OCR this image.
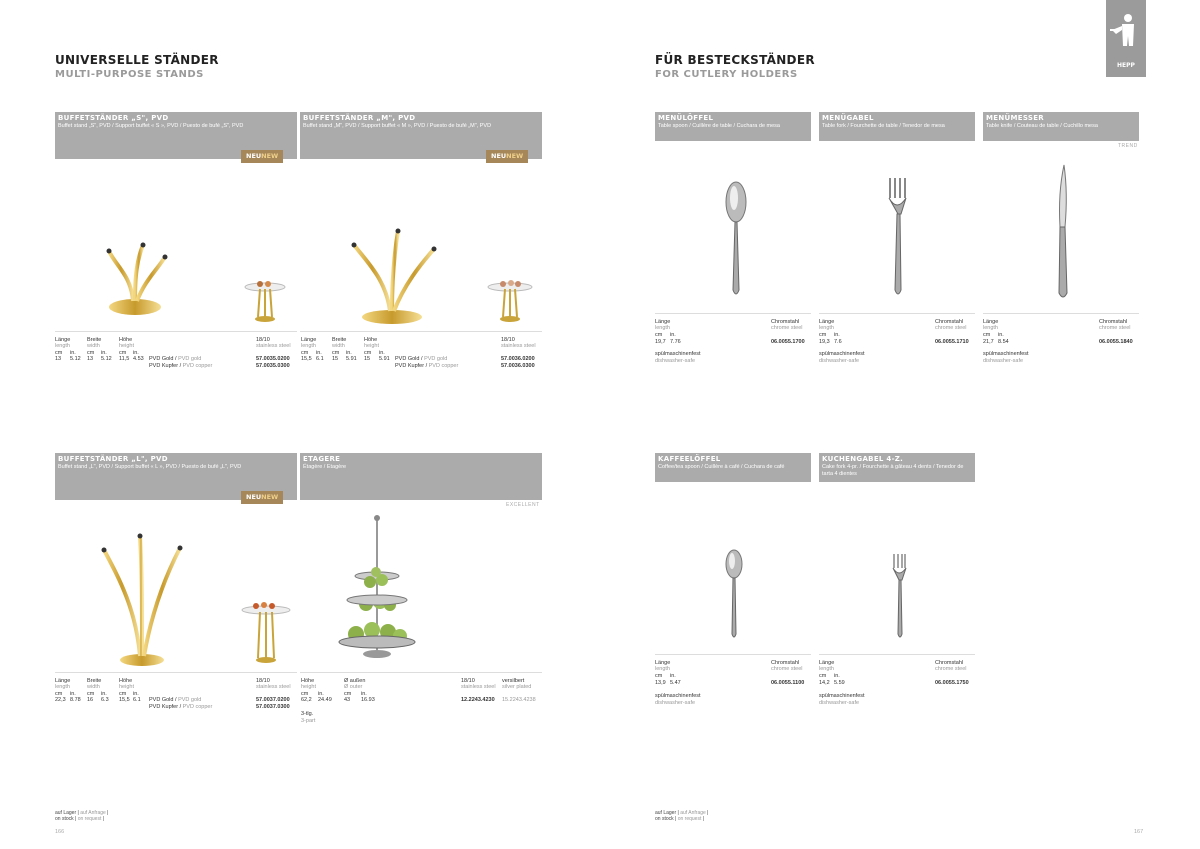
UNIVERSELLE STÄNDER
MULTI-PURPOSE STANDS
FÜR BESTECKSTÄNDER
FOR CUTLERY HOLDERS
HEPP
BUFFETSTÄNDER „S", PVD
Buffet stand „S", PVD / Support buffet « S », PVD / Puesto de bufé „S", PVD
NEUNEW
BUFFETSTÄNDER „M", PVD
Buffet stand „M", PVD / Support buffet « M », PVD / Puesto de bufé „M", PVD
NEUNEW
Länge
length
cm in.
13 5.12
Breite
width
cm in.
13 5.12
Höhe
height
cm in.
11,5 4.53 PVD Gold / PVD gold
PVD Kupfer / PVD copper
18/10
stainless steel
57.0035.0200
57.0035.0300
Länge
length
cm in.
15,5 6.1
Breite
width
cm in.
15 5.91
Höhe
height
cm in.
15 5.91 PVD Gold / PVD gold
PVD Kupfer / PVD copper
18/10
stainless steel
57.0036.0200
57.0036.0300
BUFFETSTÄNDER „L", PVD
Buffet stand „L", PVD / Support buffet « L », PVD / Puesto de bufé „L", PVD
NEUNEW
ETAGERE
Étagère / Etagère
EXCELLENT
Länge
length
cm in.
22,3 8.78
Breite
width
cm in.
16 6.3
Höhe
height
cm in.
15,5 6.1 PVD Gold / PVD gold
PVD Kupfer / PVD copper
18/10
stainless steel
57.0037.0200
57.0037.0300
Höhe
height
cm in.
62,2 24.49
Ø außen
Ø outer
cm in.
43 16.93
3-tlg.
3-part
18/10
stainless steel
12.2243.4230
versilbert
silver plated
15.2243.4238
MENÜLÖFFEL
Table spoon / Cuillère de table / Cuchara de mesa
MENÜGABEL
Table fork / Fourchette de table / Tenedor de mesa
MENÜMESSER
Table knife / Couteau de table / Cuchillo mesa
TREND
Länge
length
cm in.
19,7 7.76
Chromstahl
chrome steel
06.0055.1700
spülmaschinenfest
dishwasher-safe
Länge
length
cm in.
19,3 7.6
Chromstahl
chrome steel
06.0055.1710
spülmaschinenfest
dishwasher-safe
Länge
length
cm in.
21,7 8.54
Chromstahl
chrome steel
06.0055.1840
spülmaschinenfest
dishwasher-safe
KAFFEELÖFFEL
Coffee/tea spoon / Cuillère à café / Cuchara de café
KUCHENGABEL 4-Z.
Cake fork 4-pr. / Fourchette à gâteau 4 dents / Tenedor de tarta 4 dientes
Länge
length
cm in.
13,9 5.47
Chromstahl
chrome steel
06.0055.1100
spülmaschinenfest
dishwasher-safe
Länge
length
cm in.
14,2 5.59
Chromstahl
chrome steel
06.0055.1750
spülmaschinenfest
dishwasher-safe
auf Lager | auf Anfrage |
on stock | on request |
166
auf Lager | auf Anfrage |
on stock | on request |
167
